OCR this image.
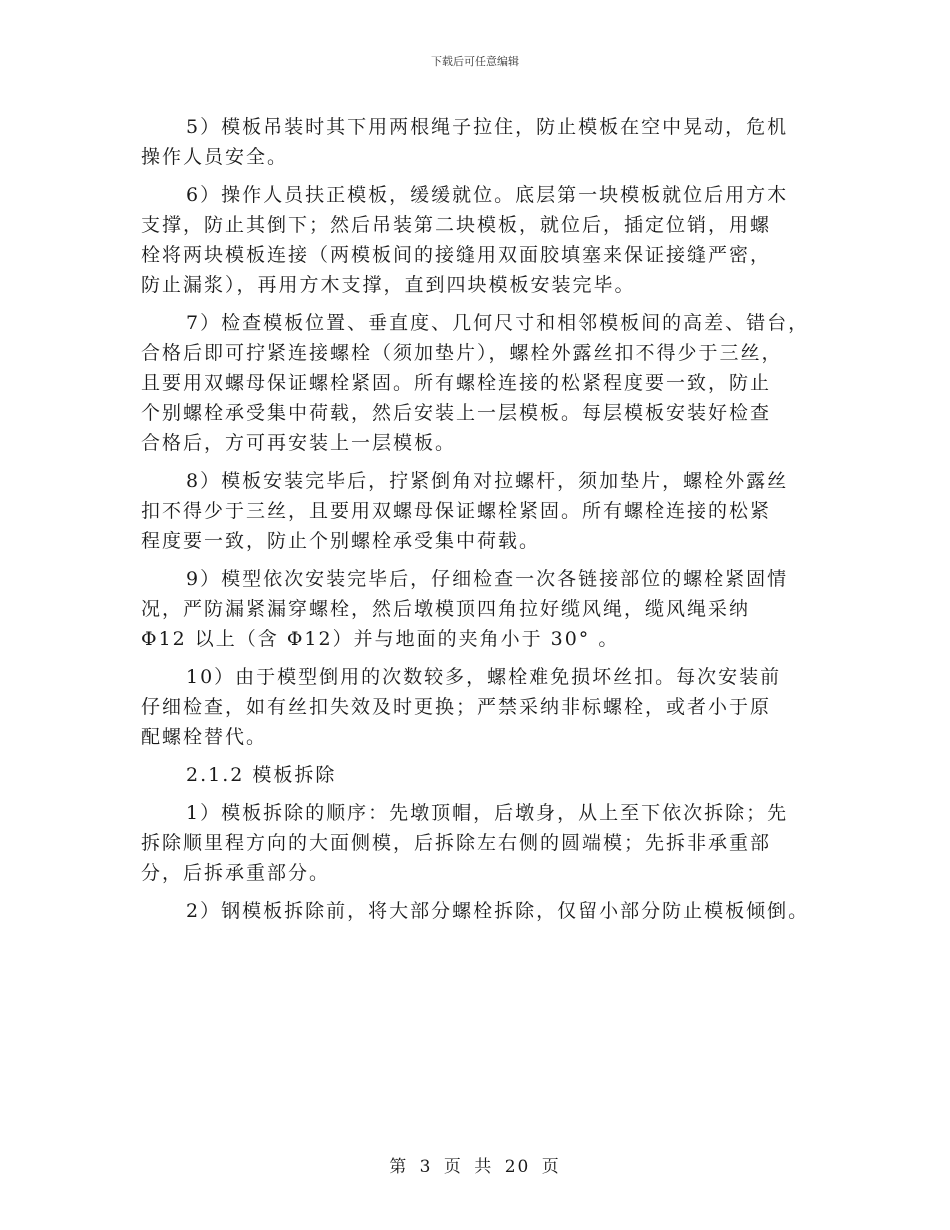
下载后可任意编辑
5）模板吊装时其下用两根绳子拉住，防止模板在空中晃动，危机
操作人员安全。
6）操作人员扶正模板，缓缓就位。底层第一块模板就位后用方木
支撑，防止其倒下；然后吊装第二块模板，就位后，插定位销，用螺
栓将两块模板连接（两模板间的接缝用双面胶填塞来保证接缝严密，
防止漏浆），再用方木支撑，直到四块模板安装完毕。
7）检查模板位置、垂直度、几何尺寸和相邻模板间的高差、错台，
合格后即可拧紧连接螺栓（须加垫片），螺栓外露丝扣不得少于三丝，
且要用双螺母保证螺栓紧固。所有螺栓连接的松紧程度要一致，防止
个别螺栓承受集中荷载，然后安装上一层模板。每层模板安装好检查
合格后，方可再安装上一层模板。
8）模板安装完毕后，拧紧倒角对拉螺杆，须加垫片，螺栓外露丝
扣不得少于三丝，且要用双螺母保证螺栓紧固。所有螺栓连接的松紧
程度要一致，防止个别螺栓承受集中荷载。
9）模型依次安装完毕后，仔细检查一次各链接部位的螺栓紧固情
况，严防漏紧漏穿螺栓，然后墩模顶四角拉好缆风绳，缆风绳采纳
Φ12 以上（含 Φ12）并与地面的夹角小于 30° 。
10）由于模型倒用的次数较多，螺栓难免损坏丝扣。每次安装前
仔细检查，如有丝扣失效及时更换；严禁采纳非标螺栓，或者小于原
配螺栓替代。
2.1.2 模板拆除
1）模板拆除的顺序：先墩顶帽，后墩身，从上至下依次拆除；先
拆除顺里程方向的大面侧模，后拆除左右侧的圆端模；先拆非承重部
分，后拆承重部分。
2）钢模板拆除前，将大部分螺栓拆除，仅留小部分防止模板倾倒。
第 3 页 共 20 页
